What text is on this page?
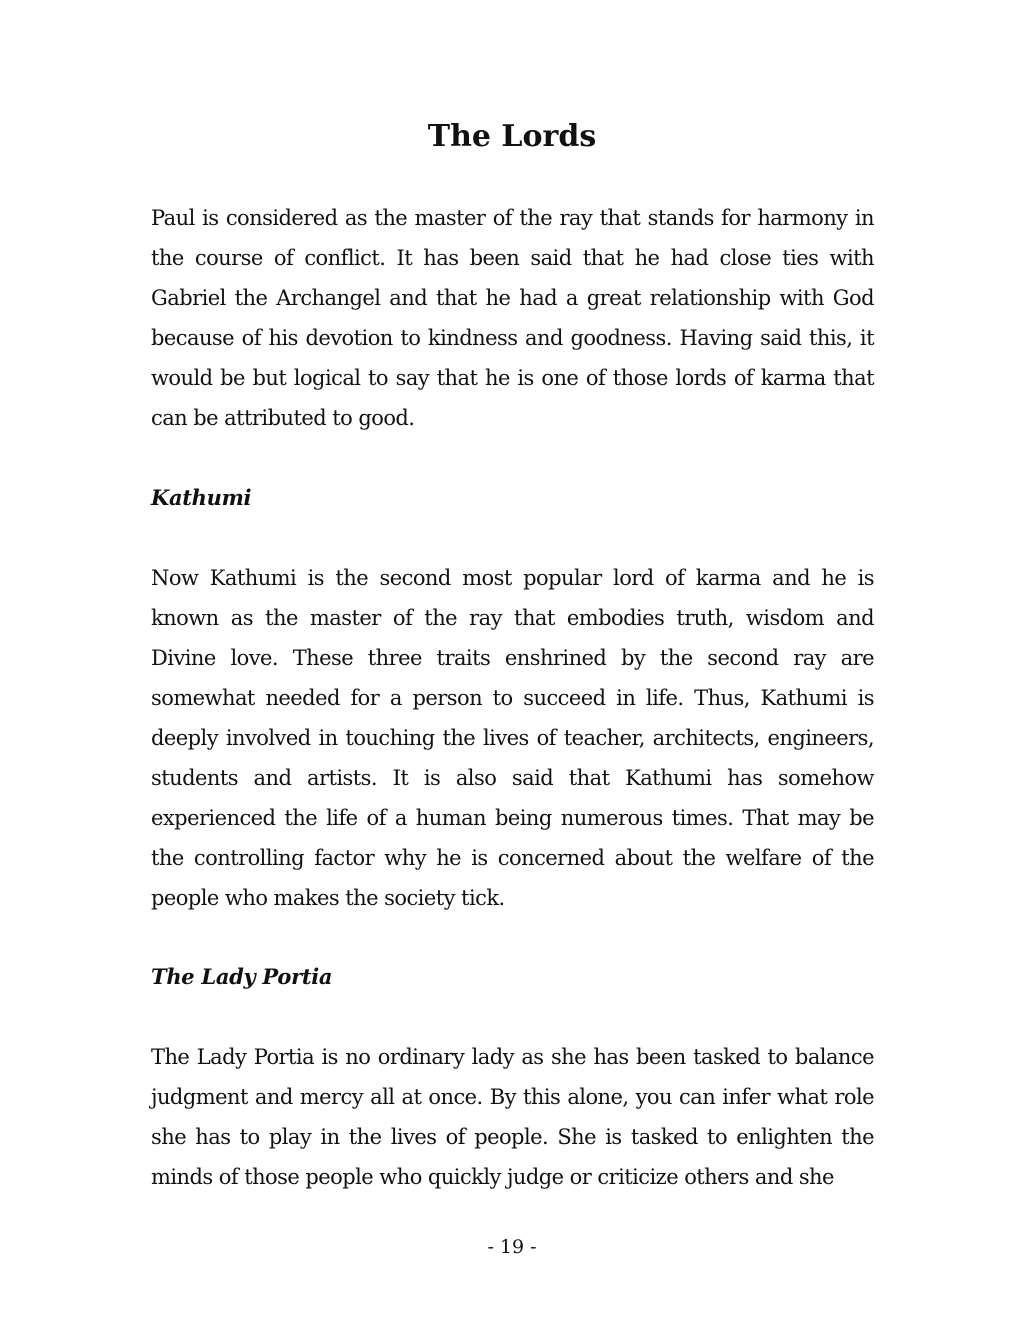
The Lords
Paul is considered as the master of the ray that stands for harmony in the course of conflict. It has been said that he had close ties with Gabriel the Archangel and that he had a great relationship with God because of his devotion to kindness and goodness. Having said this, it would be but logical to say that he is one of those lords of karma that can be attributed to good.
Kathumi
Now Kathumi is the second most popular lord of karma and he is known as the master of the ray that embodies truth, wisdom and Divine love. These three traits enshrined by the second ray are somewhat needed for a person to succeed in life. Thus, Kathumi is deeply involved in touching the lives of teacher, architects, engineers, students and artists. It is also said that Kathumi has somehow experienced the life of a human being numerous times. That may be the controlling factor why he is concerned about the welfare of the people who makes the society tick.
The Lady Portia
The Lady Portia is no ordinary lady as she has been tasked to balance judgment and mercy all at once. By this alone, you can infer what role she has to play in the lives of people. She is tasked to enlighten the minds of those people who quickly judge or criticize others and she
- 19 -
